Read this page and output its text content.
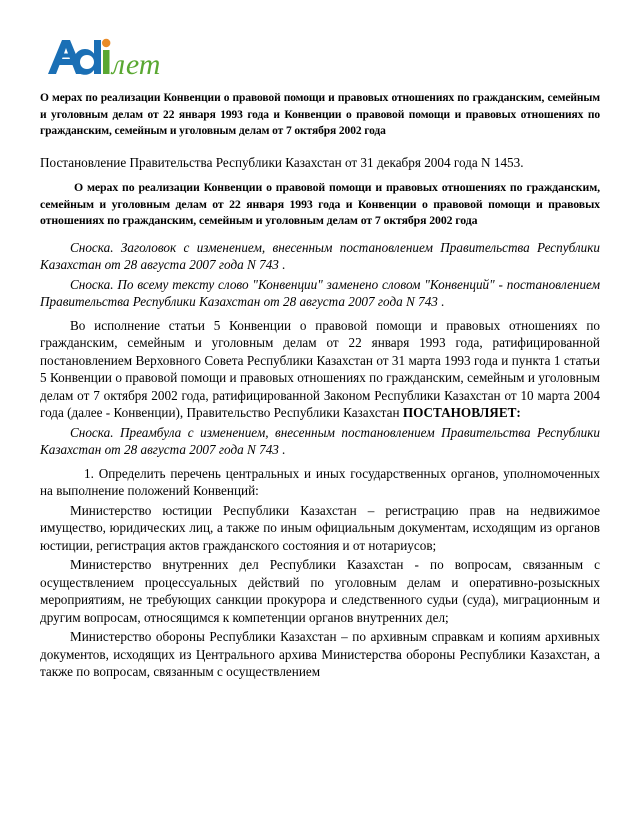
лет
О мерах по реализации Конвенции о правовой помощи и правовых отношениях по гражданским, семейным и уголовным делам от 22 января 1993 года и Конвенции о правовой помощи и правовых отношениях по гражданским, семейным и уголовным делам от 7 октября 2002 года
Постановление Правительства Республики Казахстан от 31 декабря 2004 года N 1453.
О мерах по реализации Конвенции о правовой помощи и правовых отношениях по гражданским, семейным и уголовным делам от 22 января 1993 года и Конвенции о правовой помощи и правовых отношениях по гражданским, семейным и уголовным делам от 7 октября 2002 года
Сноска. Заголовок с изменением, внесенным постановлением Правительства Республики Казахстан от 28 августа 2007 года N 743 .
Сноска. По всему тексту слово "Конвенции" заменено словом "Конвенций" - постановлением Правительства Республики Казахстан от 28 августа 2007 года N 743 .
Во исполнение статьи 5 Конвенции о правовой помощи и правовых отношениях по гражданским, семейным и уголовным делам от 22 января 1993 года, ратифицированной постановлением Верховного Совета Республики Казахстан от 31 марта 1993 года и пункта 1 статьи 5 Конвенции о правовой помощи и правовых отношениях по гражданским, семейным и уголовным делам от 7 октября 2002 года, ратифицированной Законом Республики Казахстан от 10 марта 2004 года (далее - Конвенции), Правительство Республики Казахстан ПОСТАНОВЛЯЕТ:
Сноска. Преамбула с изменением, внесенным постановлением Правительства Республики Казахстан от 28 августа 2007 года N 743 .
1. Определить перечень центральных и иных государственных органов, уполномоченных на выполнение положений Конвенций:
Министерство юстиции Республики Казахстан – регистрацию прав на недвижимое имущество, юридических лиц, а также по иным официальным документам, исходящим из органов юстиции, регистрация актов гражданского состояния и от нотариусов;
Министерство внутренних дел Республики Казахстан - по вопросам, связанным с осуществлением процессуальных действий по уголовным делам и оперативно-розыскных мероприятиям, не требующих санкции прокурора и следственного судьи (суда), миграционным и другим вопросам, относящимся к компетенции органов внутренних дел;
Министерство обороны Республики Казахстан – по архивным справкам и копиям архивных документов, исходящих из Центрального архива Министерства обороны Республики Казахстан, а также по вопросам, связанным с осуществлением
